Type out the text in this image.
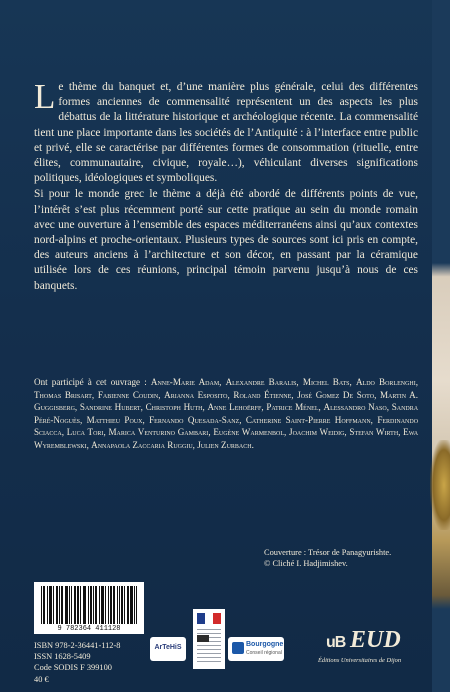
Le thème du banquet et, d’une manière plus générale, celui des différentes formes anciennes de commensalité représentent un des aspects les plus débattus de la littérature historique et archéologique récente. La commensalité tient une place importante dans les sociétés de l’Antiquité : à l’interface entre public et privé, elle se caractérise par différentes formes de consommation (rituelle, entre élites, communautaire, civique, royale…), véhiculant diverses significations politiques, idéologiques et symboliques.

Si pour le monde grec le thème a déjà été abordé de différents points de vue, l’intérêt s’est plus récemment porté sur cette pratique au sein du monde romain avec une ouverture à l’ensemble des espaces méditerranéens ainsi qu’aux contextes nord-alpins et proche-orientaux. Plusieurs types de sources sont ici pris en compte, des auteurs anciens à l’architecture et son décor, en passant par la céramique utilisée lors de ces réunions, principal témoin parvenu jusqu’à nous de ces banquets.

Ont participé à cet ouvrage : Anne-Marie Adam, Alexandre Baralis, Michel Bats, Aldo Borlenghi, Thomas Brisart, Fabienne Coudin, Arianna Esposito, Roland Étienne, José Gomez De Soto, Martin A. Guggisberg, Sandrine Hubert, Christoph Huth, Anne Lehoërff, Patrice Ménel, Alessandro Naso, Sandra Péré-Noguès, Matthieu Poux, Fernando Quesada-Sanz, Catherine Saint-Pierre Hoffmann, Ferdinando Sciacca, Luca Tori, Marica Venturino Gambari, Eugène Warmenbol, Joachim Weidig, Stefan Wirth, Ewa Wyremblewski, Annapaola Zaccaria Ruggiu, Julien Zurbach.
Couverture : Trésor de Panagyurishte.
© Cliché I. Hadjimishev.
9 782364 411128
ISBN 978-2-36441-112-8
ISSN 1628-5409
Code SODIS F 399100
40 €
ArTeHiS	Bourgogne
Conseil régional
uB EUD
Éditions Universitaires de Dijon
